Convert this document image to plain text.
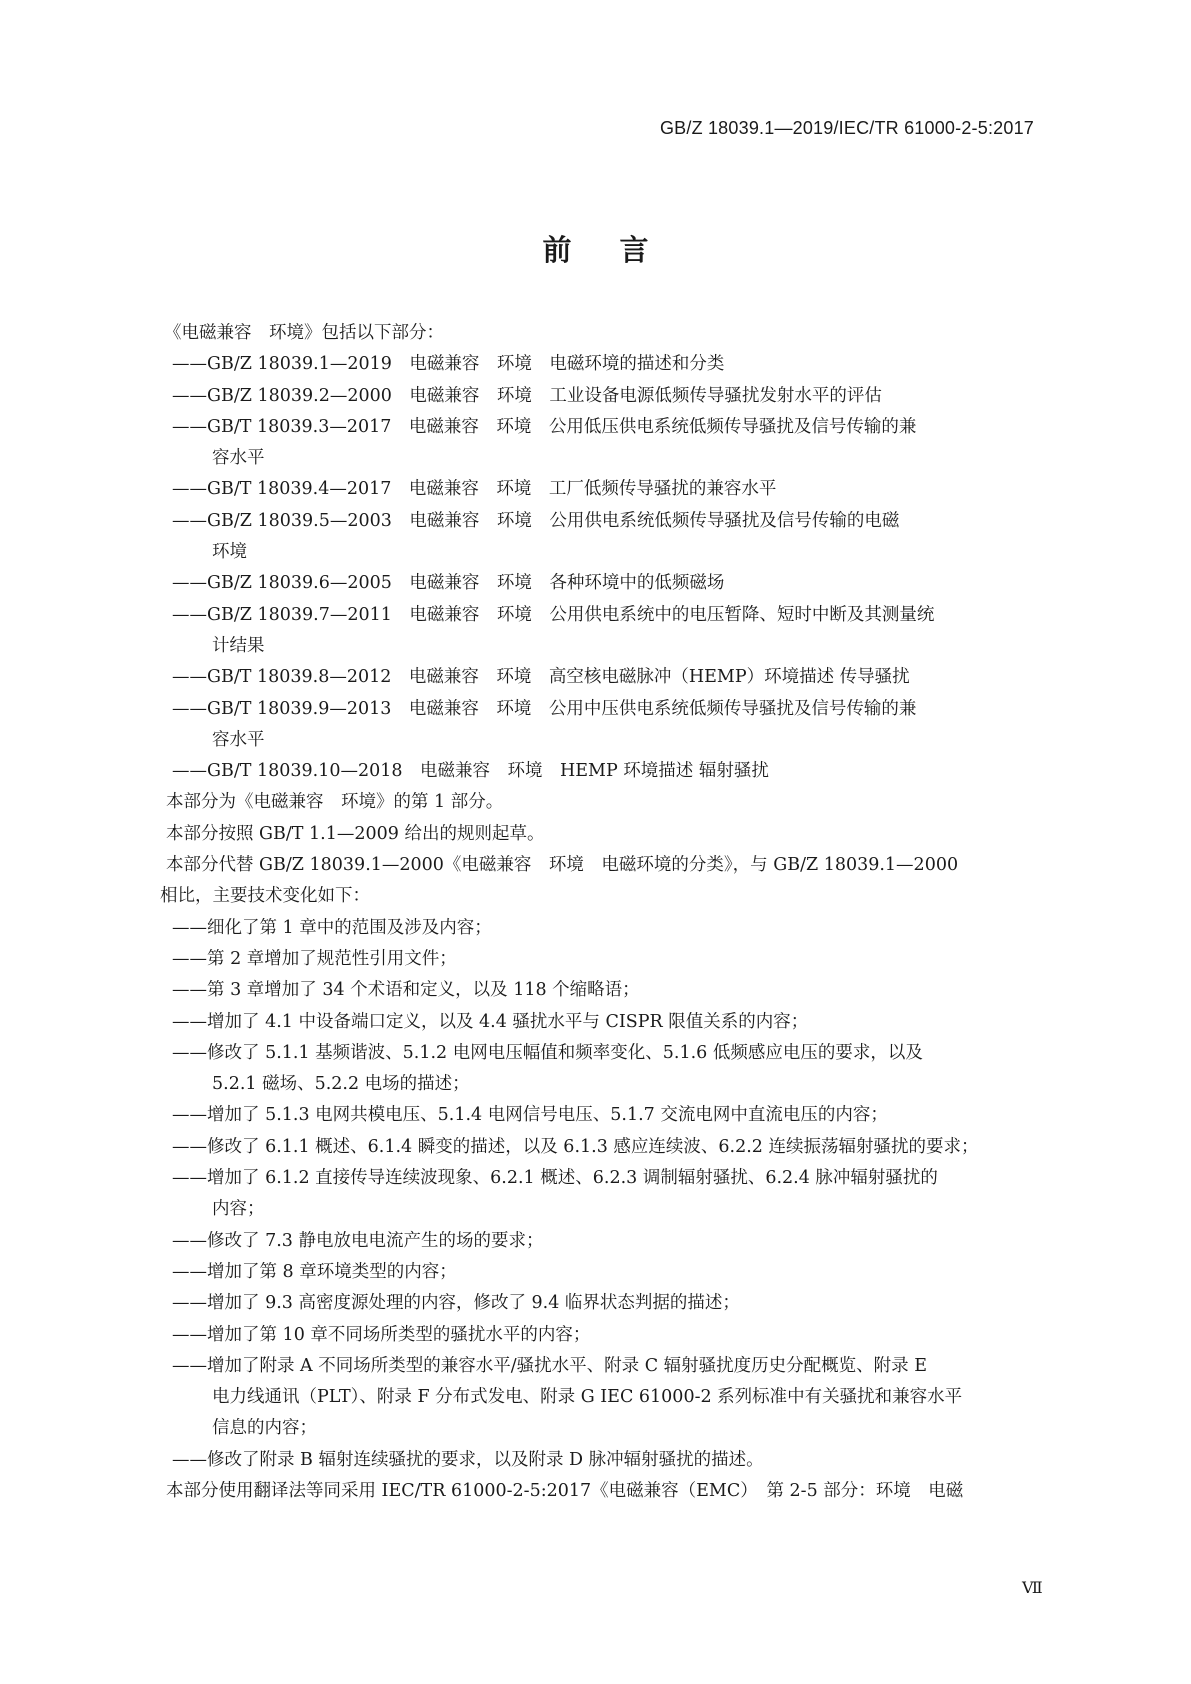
GB/Z 18039.1—2019/IEC/TR 61000-2-5:2017
前言
《电磁兼容　环境》包括以下部分：
——GB/Z 18039.1—2019　电磁兼容　环境　电磁环境的描述和分类
——GB/Z 18039.2—2000　电磁兼容　环境　工业设备电源低频传导骚扰发射水平的评估
——GB/T 18039.3—2017　电磁兼容　环境　公用低压供电系统低频传导骚扰及信号传输的兼
容水平
——GB/T 18039.4—2017　电磁兼容　环境　工厂低频传导骚扰的兼容水平
——GB/Z 18039.5—2003　电磁兼容　环境　公用供电系统低频传导骚扰及信号传输的电磁
环境
——GB/Z 18039.6—2005　电磁兼容　环境　各种环境中的低频磁场
——GB/Z 18039.7—2011　电磁兼容　环境　公用供电系统中的电压暂降、短时中断及其测量统
计结果
——GB/T 18039.8—2012　电磁兼容　环境　高空核电磁脉冲（HEMP）环境描述 传导骚扰
——GB/T 18039.9—2013　电磁兼容　环境　公用中压供电系统低频传导骚扰及信号传输的兼
容水平
——GB/T 18039.10—2018　电磁兼容　环境　HEMP 环境描述 辐射骚扰
本部分为《电磁兼容　环境》的第 1 部分。
本部分按照 GB/T 1.1—2009 给出的规则起草。
本部分代替 GB/Z 18039.1—2000《电磁兼容　环境　电磁环境的分类》，与 GB/Z 18039.1—2000
相比，主要技术变化如下：
——细化了第 1 章中的范围及涉及内容；
——第 2 章增加了规范性引用文件；
——第 3 章增加了 34 个术语和定义，以及 118 个缩略语；
——增加了 4.1 中设备端口定义，以及 4.4 骚扰水平与 CISPR 限值关系的内容；
——修改了 5.1.1 基频谐波、5.1.2 电网电压幅值和频率变化、5.1.6 低频感应电压的要求，以及
5.2.1 磁场、5.2.2 电场的描述；
——增加了 5.1.3 电网共模电压、5.1.4 电网信号电压、5.1.7 交流电网中直流电压的内容；
——修改了 6.1.1 概述、6.1.4 瞬变的描述，以及 6.1.3 感应连续波、6.2.2 连续振荡辐射骚扰的要求；
——增加了 6.1.2 直接传导连续波现象、6.2.1 概述、6.2.3 调制辐射骚扰、6.2.4 脉冲辐射骚扰的
内容；
——修改了 7.3 静电放电电流产生的场的要求；
——增加了第 8 章环境类型的内容；
——增加了 9.3 高密度源处理的内容，修改了 9.4 临界状态判据的描述；
——增加了第 10 章不同场所类型的骚扰水平的内容；
——增加了附录 A 不同场所类型的兼容水平/骚扰水平、附录 C 辐射骚扰度历史分配概览、附录 E
电力线通讯（PLT）、附录 F 分布式发电、附录 G IEC 61000-2 系列标准中有关骚扰和兼容水平
信息的内容；
——修改了附录 B 辐射连续骚扰的要求，以及附录 D 脉冲辐射骚扰的描述。
本部分使用翻译法等同采用 IEC/TR 61000-2-5:2017《电磁兼容（EMC）　第 2-5 部分：环境　电磁
Ⅶ
